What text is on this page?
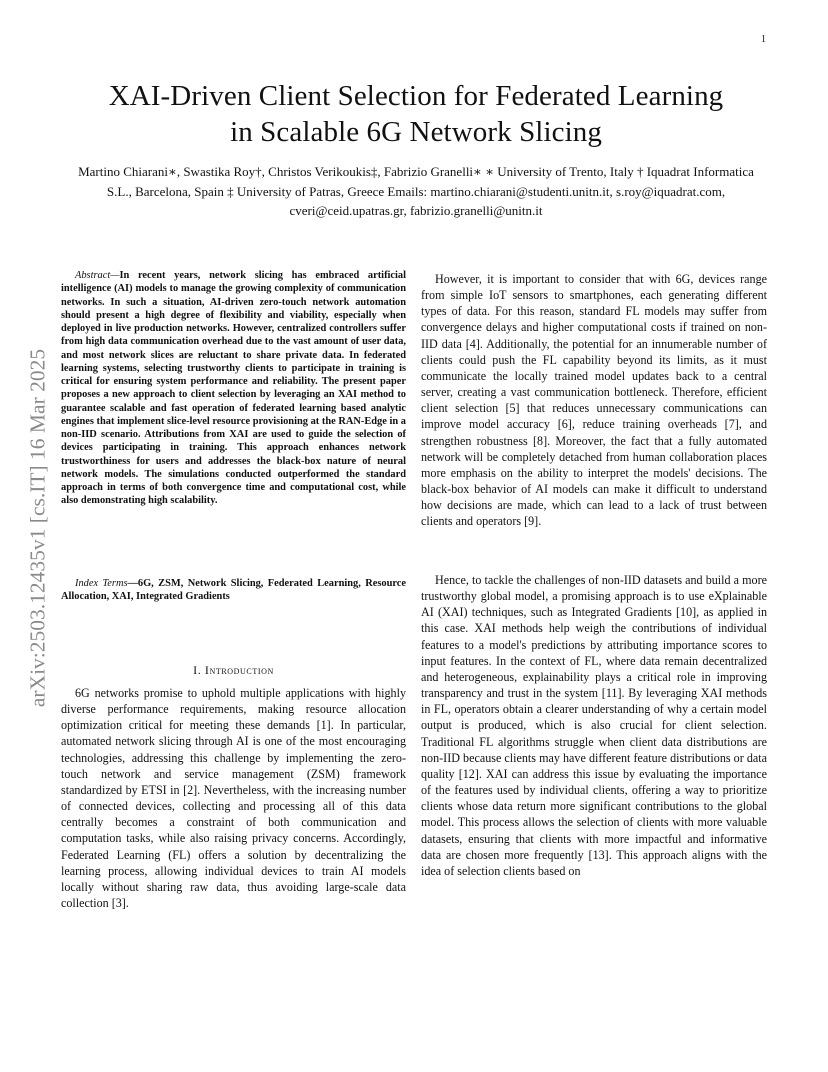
1
arXiv:2503.12435v1 [cs.IT] 16 Mar 2025
XAI-Driven Client Selection for Federated Learning
in Scalable 6G Network Slicing
Martino Chiarani∗, Swastika Roy†, Christos Verikoukis‡, Fabrizio Granelli∗ ∗ University of Trento, Italy † Iquadrat Informatica S.L., Barcelona, Spain ‡ University of Patras, Greece Emails: martino.chiarani@studenti.unitn.it, s.roy@iquadrat.com, cveri@ceid.upatras.gr, fabrizio.granelli@unitn.it
Abstract—In recent years, network slicing has embraced artificial intelligence (AI) models to manage the growing complexity of communication networks. In such a situation, AI-driven zero-touch network automation should present a high degree of flexibility and viability, especially when deployed in live production networks. However, centralized controllers suffer from high data communication overhead due to the vast amount of user data, and most network slices are reluctant to share private data. In federated learning systems, selecting trustworthy clients to participate in training is critical for ensuring system performance and reliability. The present paper proposes a new approach to client selection by leveraging an XAI method to guarantee scalable and fast operation of federated learning based analytic engines that implement slice-level resource provisioning at the RAN-Edge in a non-IID scenario. Attributions from XAI are used to guide the selection of devices participating in training. This approach enhances network trustworthiness for users and addresses the black-box nature of neural network models. The simulations conducted outperformed the standard approach in terms of both convergence time and computational cost, while also demonstrating high scalability.
Index Terms—6G, ZSM, Network Slicing, Federated Learning, Resource Allocation, XAI, Integrated Gradients
I. Introduction
6G networks promise to uphold multiple applications with highly diverse performance requirements, making resource allocation optimization critical for meeting these demands [1]. In particular, automated network slicing through AI is one of the most encouraging technologies, addressing this challenge by implementing the zero-touch network and service management (ZSM) framework standardized by ETSI in [2]. Nevertheless, with the increasing number of connected devices, collecting and processing all of this data centrally becomes a constraint of both communication and computation tasks, while also raising privacy concerns. Accordingly, Federated Learning (FL) offers a solution by decentralizing the learning process, allowing individual devices to train AI models locally without sharing raw data, thus avoiding large-scale data collection [3].
However, it is important to consider that with 6G, devices range from simple IoT sensors to smartphones, each generating different types of data. For this reason, standard FL models may suffer from convergence delays and higher computational costs if trained on non-IID data [4]. Additionally, the potential for an innumerable number of clients could push the FL capability beyond its limits, as it must communicate the locally trained model updates back to a central server, creating a vast communication bottleneck. Therefore, efficient client selection [5] that reduces unnecessary communications can improve model accuracy [6], reduce training overheads [7], and strengthen robustness [8]. Moreover, the fact that a fully automated network will be completely detached from human collaboration places more emphasis on the ability to interpret the models' decisions. The black-box behavior of AI models can make it difficult to understand how decisions are made, which can lead to a lack of trust between clients and operators [9].
Hence, to tackle the challenges of non-IID datasets and build a more trustworthy global model, a promising approach is to use eXplainable AI (XAI) techniques, such as Integrated Gradients [10], as applied in this case. XAI methods help weigh the contributions of individual features to a model's predictions by attributing importance scores to input features. In the context of FL, where data remain decentralized and heterogeneous, explainability plays a critical role in improving transparency and trust in the system [11]. By leveraging XAI methods in FL, operators obtain a clearer understanding of why a certain model output is produced, which is also crucial for client selection. Traditional FL algorithms struggle when client data distributions are non-IID because clients may have different feature distributions or data quality [12]. XAI can address this issue by evaluating the importance of the features used by individual clients, offering a way to prioritize clients whose data return more significant contributions to the global model. This process allows the selection of clients with more valuable datasets, ensuring that clients with more impactful and informative data are chosen more frequently [13]. This approach aligns with the idea of selection clients based on
